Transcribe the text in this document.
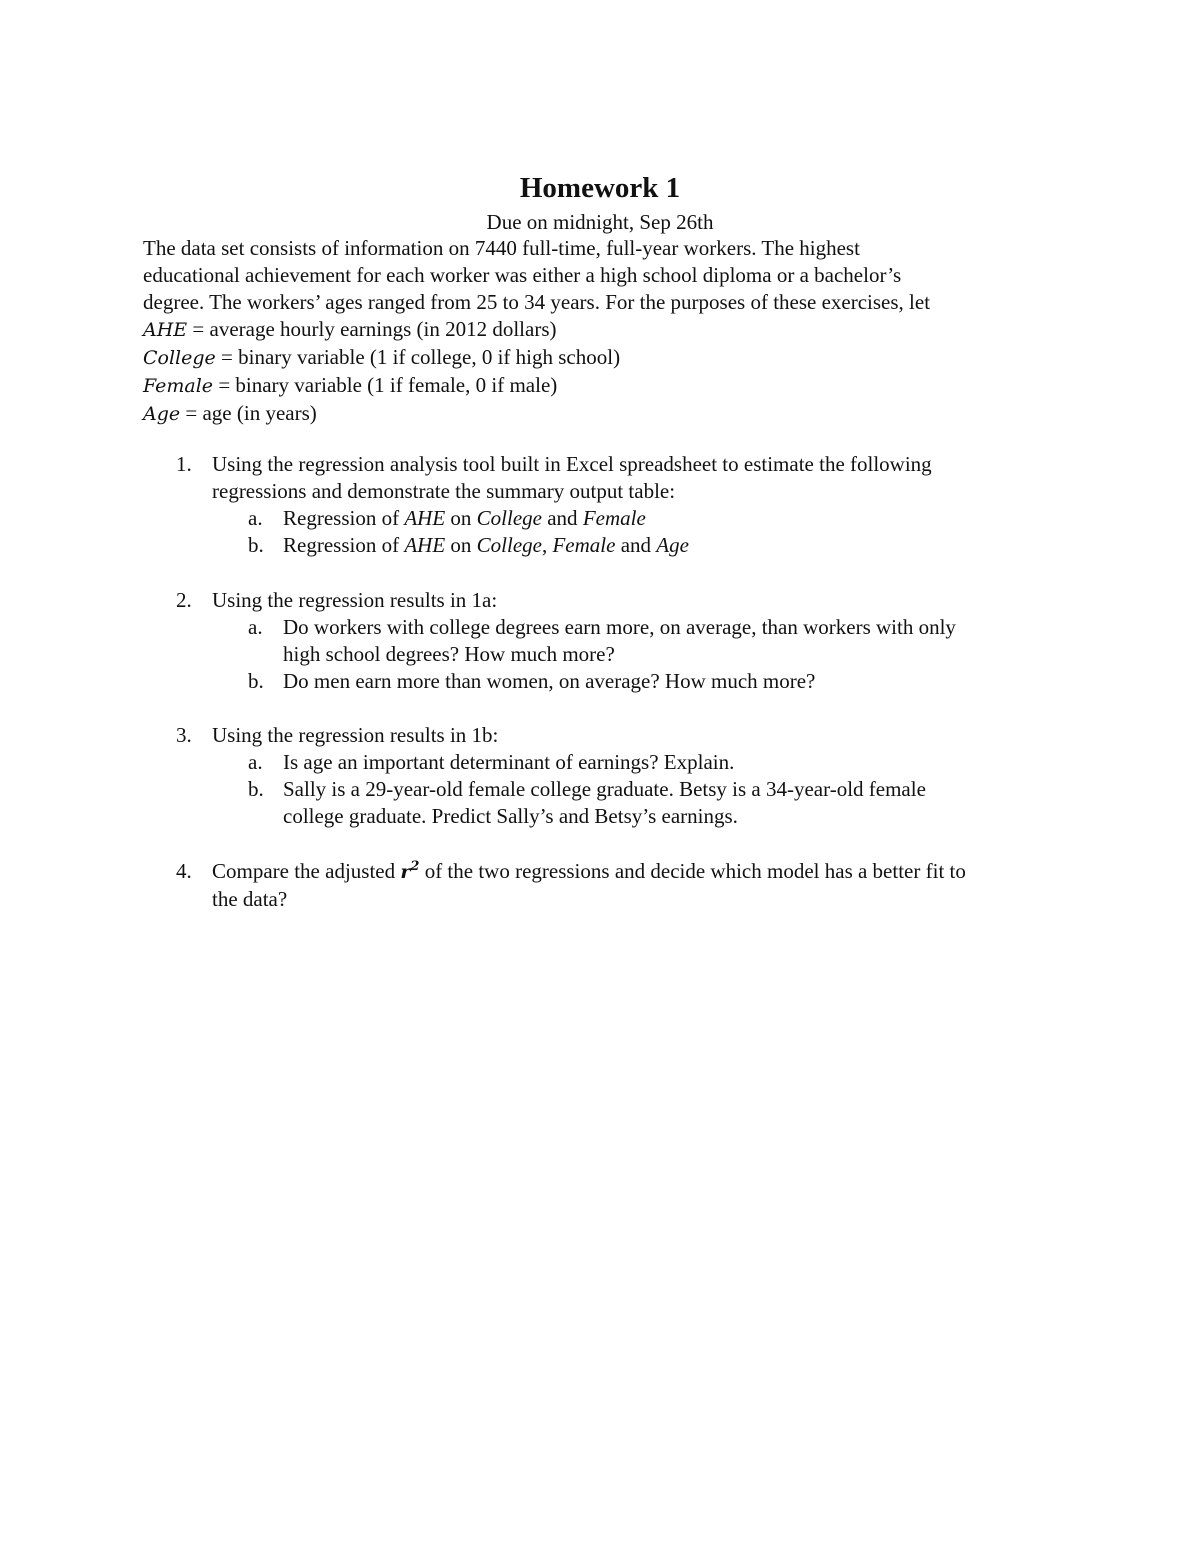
Homework 1
Due on midnight, Sep 26th
The data set consists of information on 7440 full-time, full-year workers. The highest
educational achievement for each worker was either a high school diploma or a bachelor’s
degree. The workers’ ages ranged from 25 to 34 years. For the purposes of these exercises, let
AHE = average hourly earnings (in 2012 dollars)
College = binary variable (1 if college, 0 if high school)
Female = binary variable (1 if female, 0 if male)
Age = age (in years)
1. Using the regression analysis tool built in Excel spreadsheet to estimate the following
regressions and demonstrate the summary output table:
a. Regression of AHE on College and Female
b. Regression of AHE on College, Female and Age
2. Using the regression results in 1a:
a. Do workers with college degrees earn more, on average, than workers with only
high school degrees? How much more?
b. Do men earn more than women, on average? How much more?
3. Using the regression results in 1b:
a. Is age an important determinant of earnings? Explain.
b. Sally is a 29-year-old female college graduate. Betsy is a 34-year-old female
college graduate. Predict Sally’s and Betsy’s earnings.
4. Compare the adjusted $r^2$ of the two regressions and decide which model has a better fit to
the data?
